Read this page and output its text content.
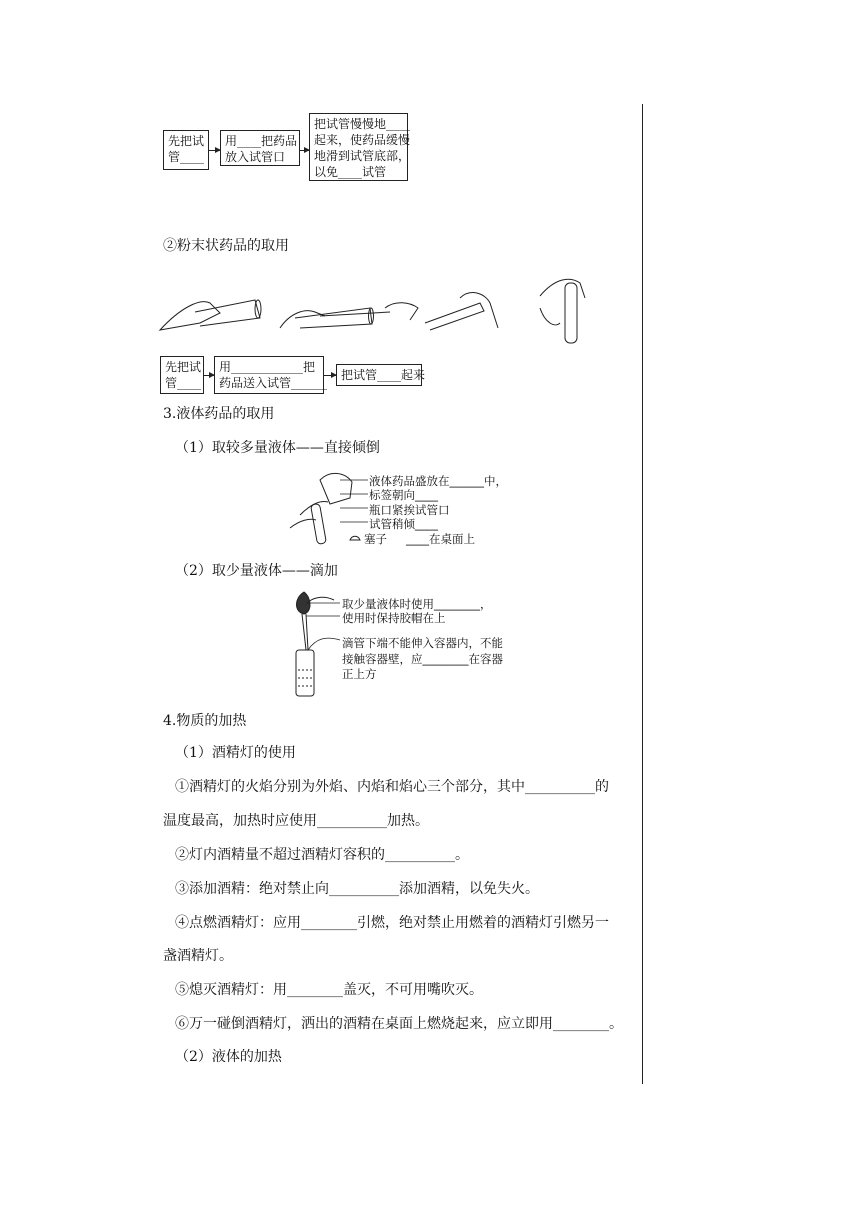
先把试
管____
用____把药品
放入试管口
把试管慢慢地____
起来，使药品缓慢
地滑到试管底部，
以免____试管
②粉末状药品的取用
先把试
管____
用____________把
药品送入试管______
把试管____起来
3.液体药品的取用
（1）取较多量液体——直接倾倒
液体药品盛放在______中，
标签朝向____
瓶口紧挨试管口
试管稍倾____
塞子 ____在桌面上
（2）取少量液体——滴加
取少量液体时使用________，
使用时保持胶帽在上
滴管下端不能伸入容器内，不能
接触容器壁，应________在容器
正上方
4.物质的加热
（1）酒精灯的使用
①酒精灯的火焰分别为外焰、内焰和焰心三个部分，其中__________的
温度最高，加热时应使用__________加热。
②灯内酒精量不超过酒精灯容积的__________。
③添加酒精：绝对禁止向__________添加酒精，以免失火。
④点燃酒精灯：应用________引燃，绝对禁止用燃着的酒精灯引燃另一
盏酒精灯。
⑤熄灭酒精灯：用________盖灭，不可用嘴吹灭。
⑥万一碰倒酒精灯，洒出的酒精在桌面上燃烧起来，应立即用________。
（2）液体的加热
